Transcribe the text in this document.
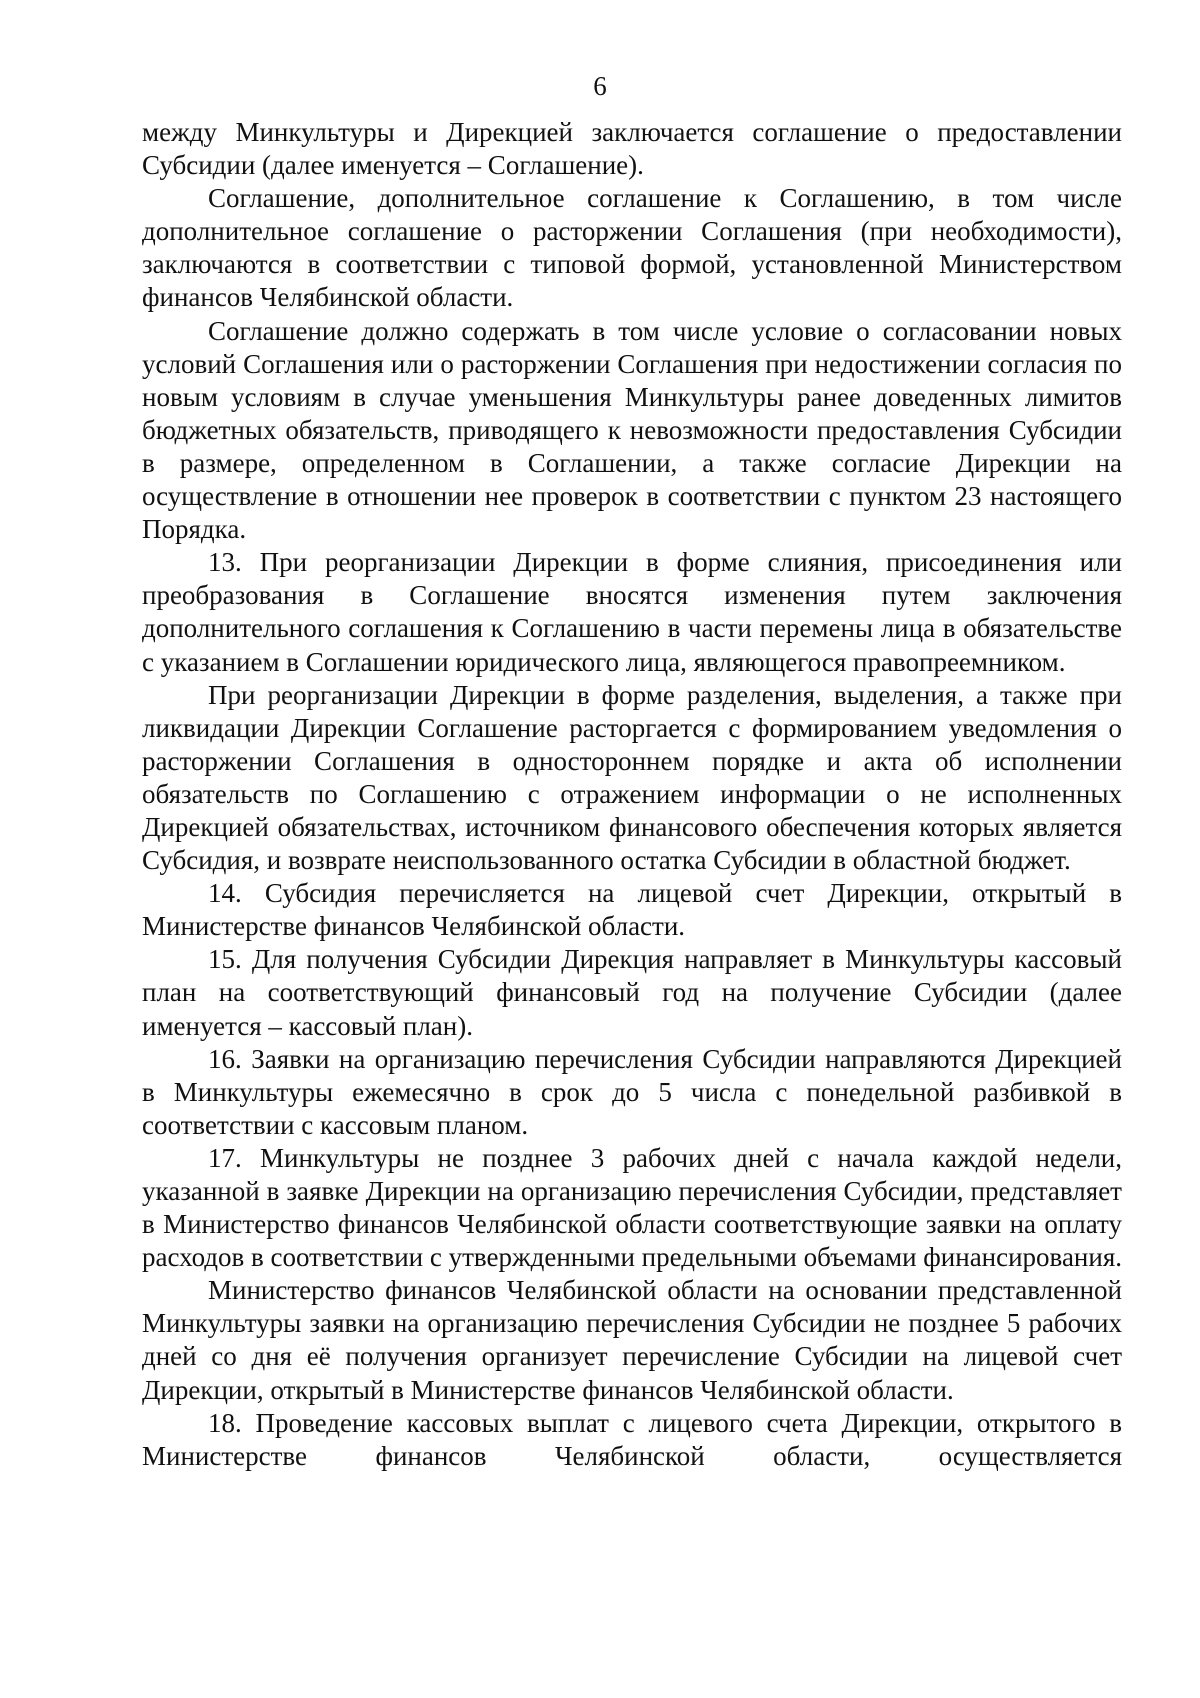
6

между Минкультуры и Дирекцией заключается соглашение о предоставлении Субсидии (далее именуется – Соглашение).

Соглашение, дополнительное соглашение к Соглашению, в том числе дополнительное соглашение о расторжении Соглашения (при необходимости), заключаются в соответствии с типовой формой, установленной Министерством финансов Челябинской области.

Соглашение должно содержать в том числе условие о согласовании новых условий Соглашения или о расторжении Соглашения при недостижении согласия по новым условиям в случае уменьшения Минкультуры ранее доведенных лимитов бюджетных обязательств, приводящего к невозможности предоставления Субсидии в размере, определенном в Соглашении, а также согласие Дирекции на осуществление в отношении нее проверок в соответствии с пунктом 23 настоящего Порядка.

13. При реорганизации Дирекции в форме слияния, присоединения или преобразования в Соглашение вносятся изменения путем заключения дополнительного соглашения к Соглашению в части перемены лица в обязательстве с указанием в Соглашении юридического лица, являющегося правопреемником.

При реорганизации Дирекции в форме разделения, выделения, а также при ликвидации Дирекции Соглашение расторгается с формированием уведомления о расторжении Соглашения в одностороннем порядке и акта об исполнении обязательств по Соглашению с отражением информации о не исполненных Дирекцией обязательствах, источником финансового обеспечения которых является Субсидия, и возврате неиспользованного остатка Субсидии в областной бюджет.

14. Субсидия перечисляется на лицевой счет Дирекции, открытый в Министерстве финансов Челябинской области.

15. Для получения Субсидии Дирекция направляет в Минкультуры кассовый план на соответствующий финансовый год на получение Субсидии (далее именуется – кассовый план).

16. Заявки на организацию перечисления Субсидии направляются Дирекцией в Минкультуры ежемесячно в срок до 5 числа с понедельной разбивкой в соответствии с кассовым планом.

17. Минкультуры не позднее 3 рабочих дней с начала каждой недели, указанной в заявке Дирекции на организацию перечисления Субсидии, представляет в Министерство финансов Челябинской области соответствующие заявки на оплату расходов в соответствии с утвержденными предельными объемами финансирования.

Министерство финансов Челябинской области на основании представленной Минкультуры заявки на организацию перечисления Субсидии не позднее 5 рабочих дней со дня её получения организует перечисление Субсидии на лицевой счет Дирекции, открытый в Министерстве финансов Челябинской области.

18. Проведение кассовых выплат с лицевого счета Дирекции, открытого в Министерстве финансов Челябинской области, осуществляется
